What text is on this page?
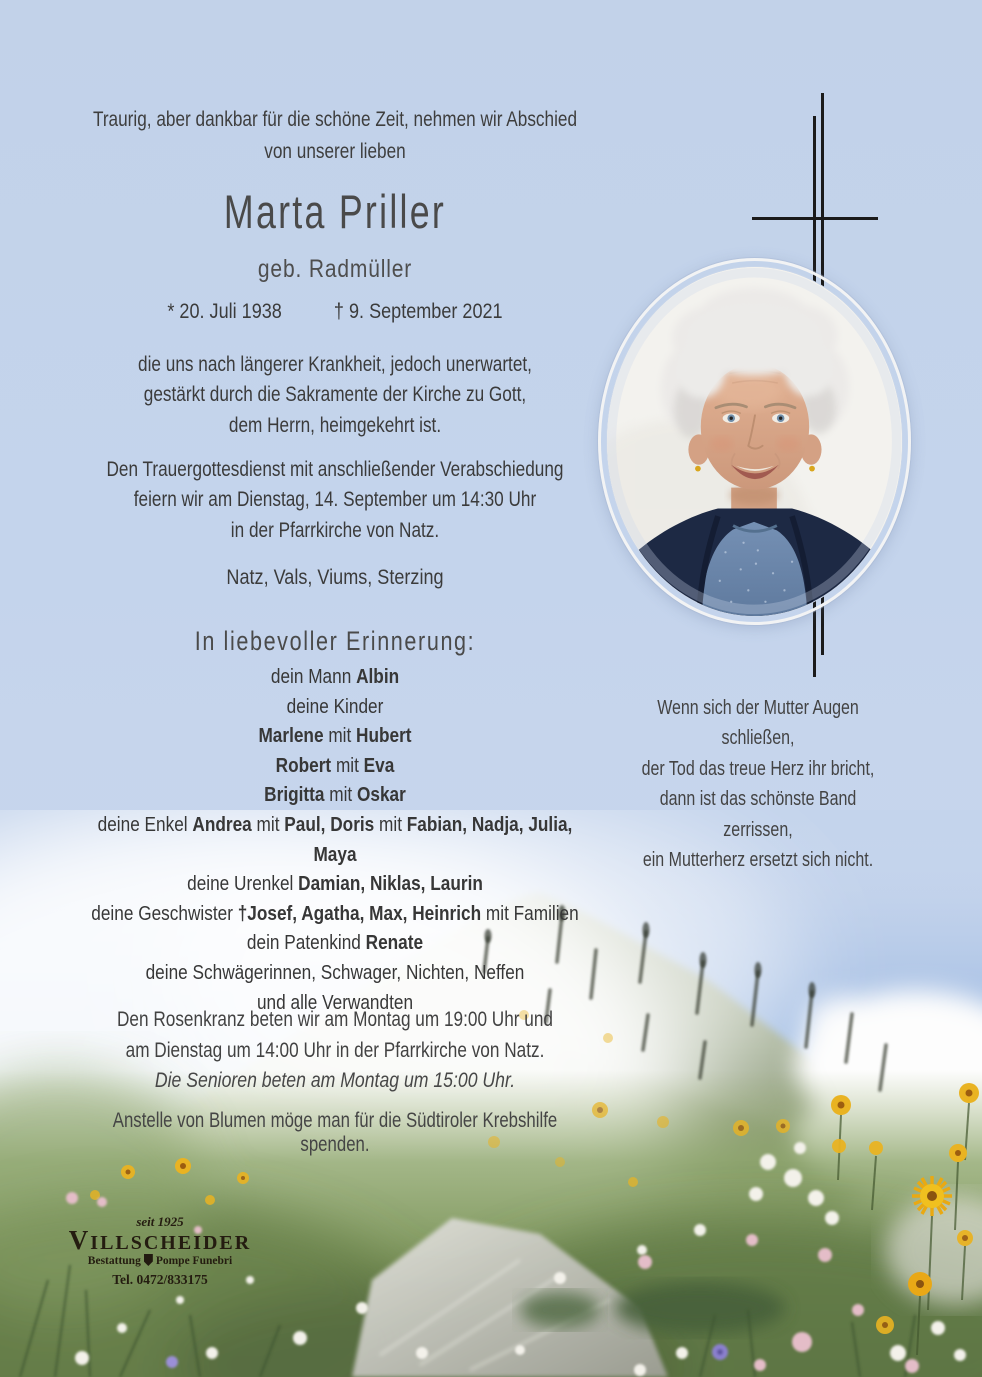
Traurig, aber dankbar für die schöne Zeit, nehmen wir Abschied
von unserer lieben
Marta Priller
geb. Radmüller
* 20. Juli 1938 † 9. September 2021
die uns nach längerer Krankheit, jedoch unerwartet,
gestärkt durch die Sakramente der Kirche zu Gott,
dem Herrn, heimgekehrt ist.
Den Trauergottesdienst mit anschließender Verabschiedung
feiern wir am Dienstag, 14. September um 14:30 Uhr
in der Pfarrkirche von Natz.
Natz, Vals, Viums, Sterzing
In liebevoller Erinnerung:
dein Mann Albin
deine Kinder
Marlene mit Hubert
Robert mit Eva
Brigitta mit Oskar
deine Enkel Andrea mit Paul, Doris mit Fabian, Nadja, Julia, Maya
deine Urenkel Damian, Niklas, Laurin
deine Geschwister †Josef, Agatha, Max, Heinrich mit Familien
dein Patenkind Renate
deine Schwägerinnen, Schwager, Nichten, Neffen
und alle Verwandten
Wenn sich der Mutter Augen schließen,
der Tod das treue Herz ihr bricht,
dann ist das schönste Band zerrissen,
ein Mutterherz ersetzt sich nicht.
Den Rosenkranz beten wir am Montag um 19:00 Uhr und
am Dienstag um 14:00 Uhr in der Pfarrkirche von Natz.
Die Senioren beten am Montag um 15:00 Uhr.
Anstelle von Blumen möge man für die Südtiroler Krebshilfe spenden.
seit 1925
VILLSCHEIDER
Bestattung Pompe Funebri
Tel. 0472/833175
